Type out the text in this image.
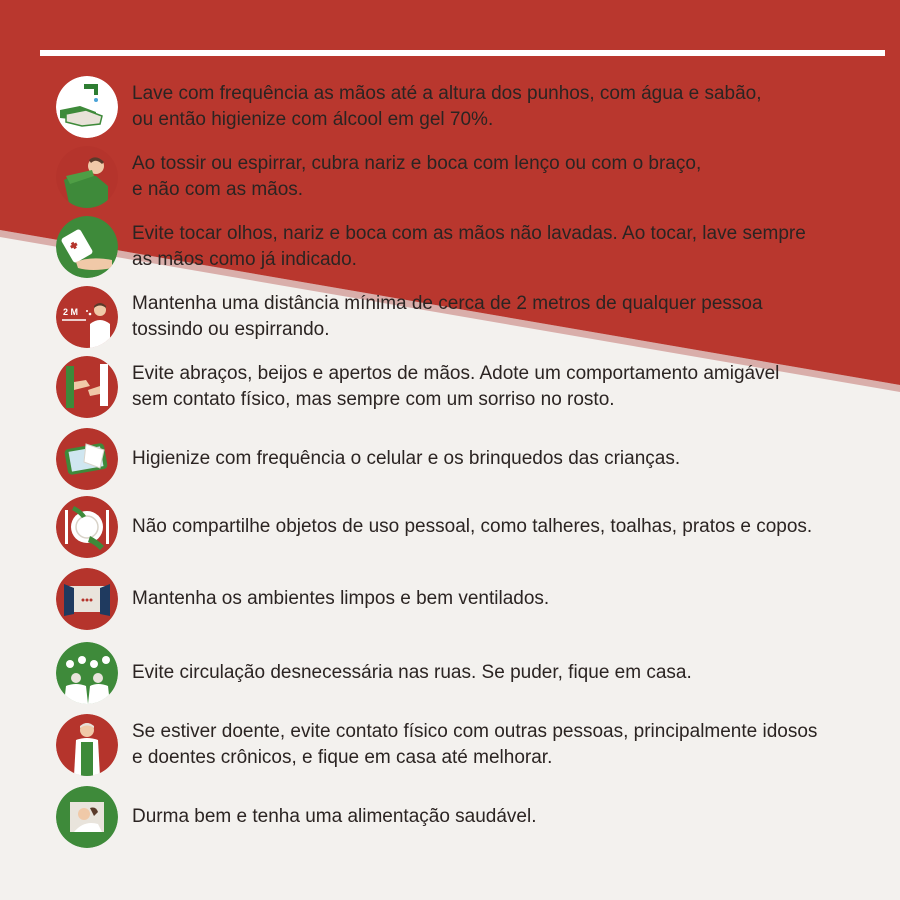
Lave com frequência as mãos até a altura dos punhos, com água e sabão,
ou então higienize com álcool em gel 70%.
Ao tossir ou espirrar, cubra nariz e boca com lenço ou com o braço,
e não com as mãos.
Evite tocar olhos, nariz e boca com as mãos não lavadas. Ao tocar, lave sempre
as mãos como já indicado.
2 M	Mantenha uma distância mínima de cerca de 2 metros de qualquer pessoa
tossindo ou espirrando.
Evite abraços, beijos e apertos de mãos. Adote um comportamento amigável
sem contato físico, mas sempre com um sorriso no rosto.
Higienize com frequência o celular e os brinquedos das crianças.
Não compartilhe objetos de uso pessoal, como talheres, toalhas, pratos e copos.
Mantenha os ambientes limpos e bem ventilados.
Evite circulação desnecessária nas ruas. Se puder, fique em casa.
Se estiver doente, evite contato físico com outras pessoas, principalmente idosos
e doentes crônicos, e fique em casa até melhorar.
Durma bem e tenha uma alimentação saudável.
